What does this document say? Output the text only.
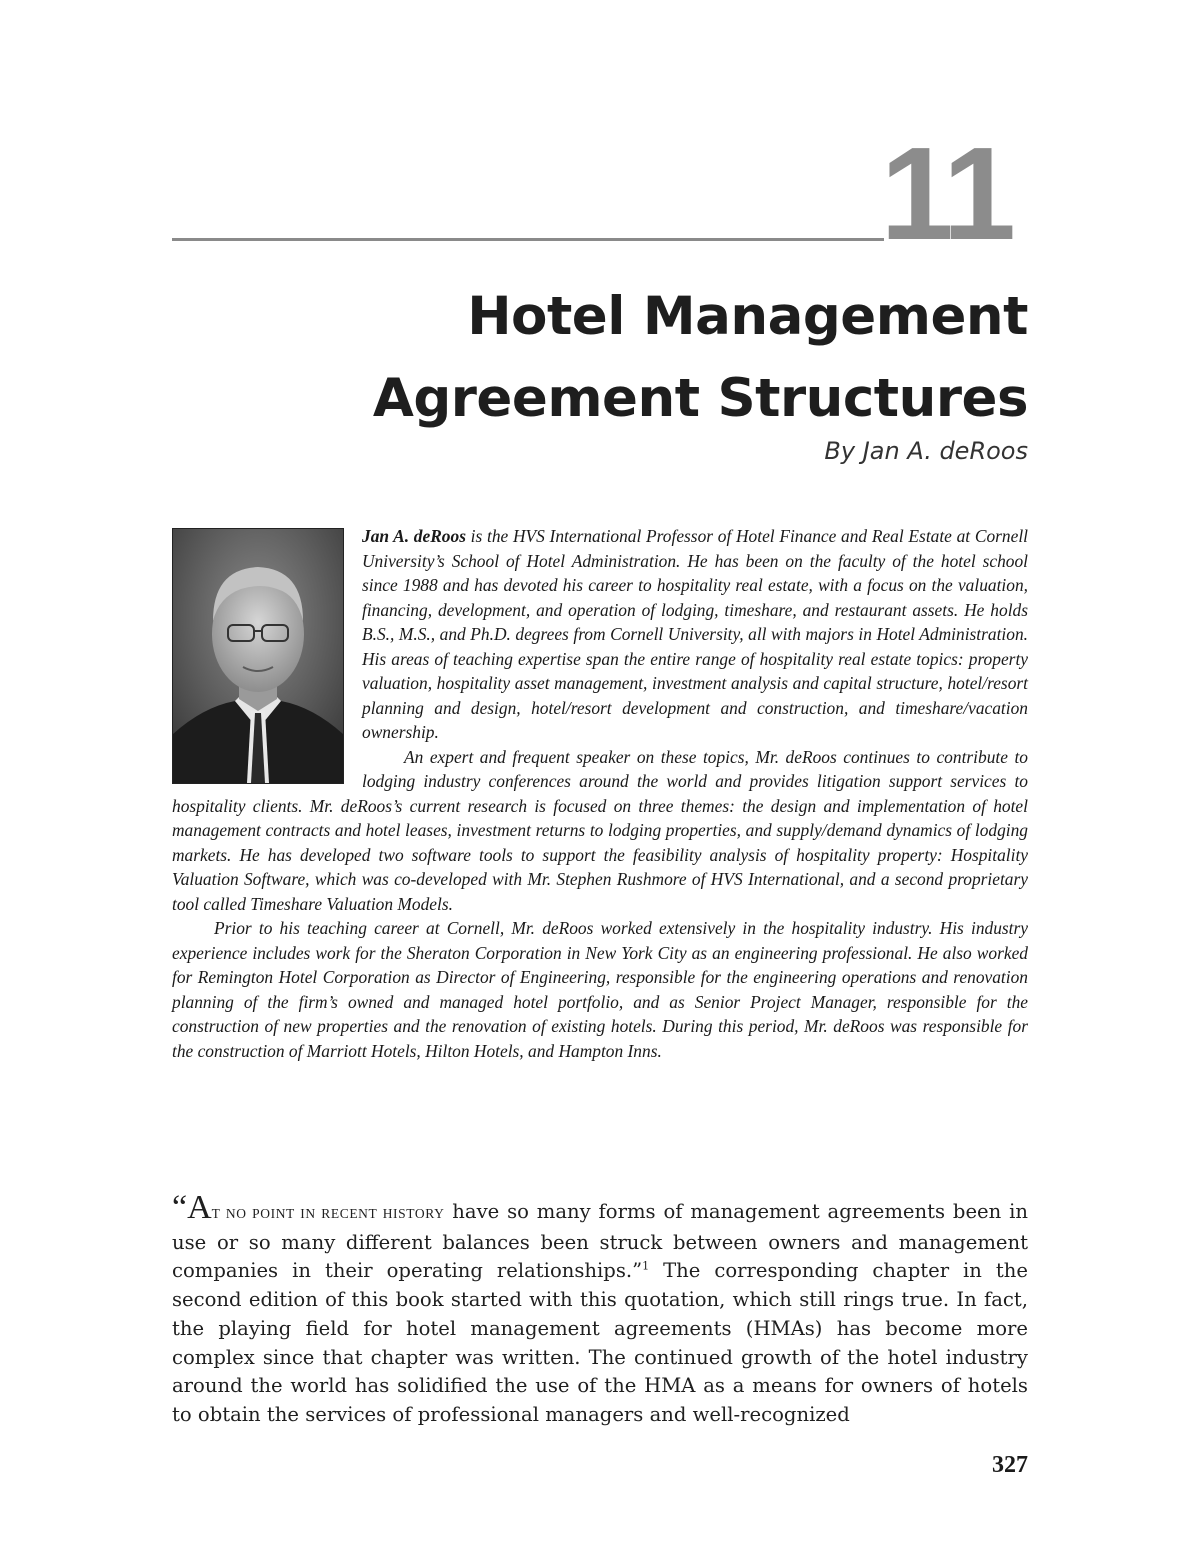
11
Hotel Management
Agreement Structures

By Jan A. deRoos

Jan A. deRoos is the HVS International Professor of Hotel Finance and Real Estate at Cornell University’s School of Hotel Administration. He has been on the faculty of the hotel school since 1988 and has devoted his career to hospitality real estate, with a focus on the valuation, financing, development, and operation of lodging, timeshare, and restaurant assets. He holds B.S., M.S., and Ph.D. degrees from Cornell University, all with majors in Hotel Administration. His areas of teaching expertise span the entire range of hospitality real estate topics: property valuation, hospitality asset management, investment analysis and capital structure, hotel/resort planning and design, hotel/resort development and construction, and timeshare/vacation ownership.

An expert and frequent speaker on these topics, Mr. deRoos continues to contribute to lodging industry conferences around the world and provides litigation support services to hospitality clients. Mr. deRoos’s current research is focused on three themes: the design and implementation of hotel management contracts and hotel leases, investment returns to lodging properties, and supply/demand dynamics of lodging markets. He has developed two software tools to support the feasibility analysis of hospitality property: Hospitality Valuation Software, which was co-developed with Mr. Stephen Rushmore of HVS International, and a second proprietary tool called Timeshare Valuation Models.

Prior to his teaching career at Cornell, Mr. deRoos worked extensively in the hospitality industry. His industry experience includes work for the Sheraton Corporation in New York City as an engineering professional. He also worked for Remington Hotel Corporation as Director of Engineering, responsible for the engineering operations and renovation planning of the firm’s owned and managed hotel portfolio, and as Senior Project Manager, responsible for the construction of new properties and the renovation of existing hotels. During this period, Mr. deRoos was responsible for the construction of Marriott Hotels, Hilton Hotels, and Hampton Inns.

“AT NO POINT IN RECENT HISTORY have so many forms of management agreements been in use or so many different balances been struck between owners and management companies in their operating relationships.”$^1$ The corresponding chapter in the second edition of this book started with this quotation, which still rings true. In fact, the playing field for hotel management agreements (HMAs) has become more complex since that chapter was written. The continued growth of the hotel industry around the world has solidified the use of the HMA as a means for owners of hotels to obtain the services of professional managers and well-recognized

327
